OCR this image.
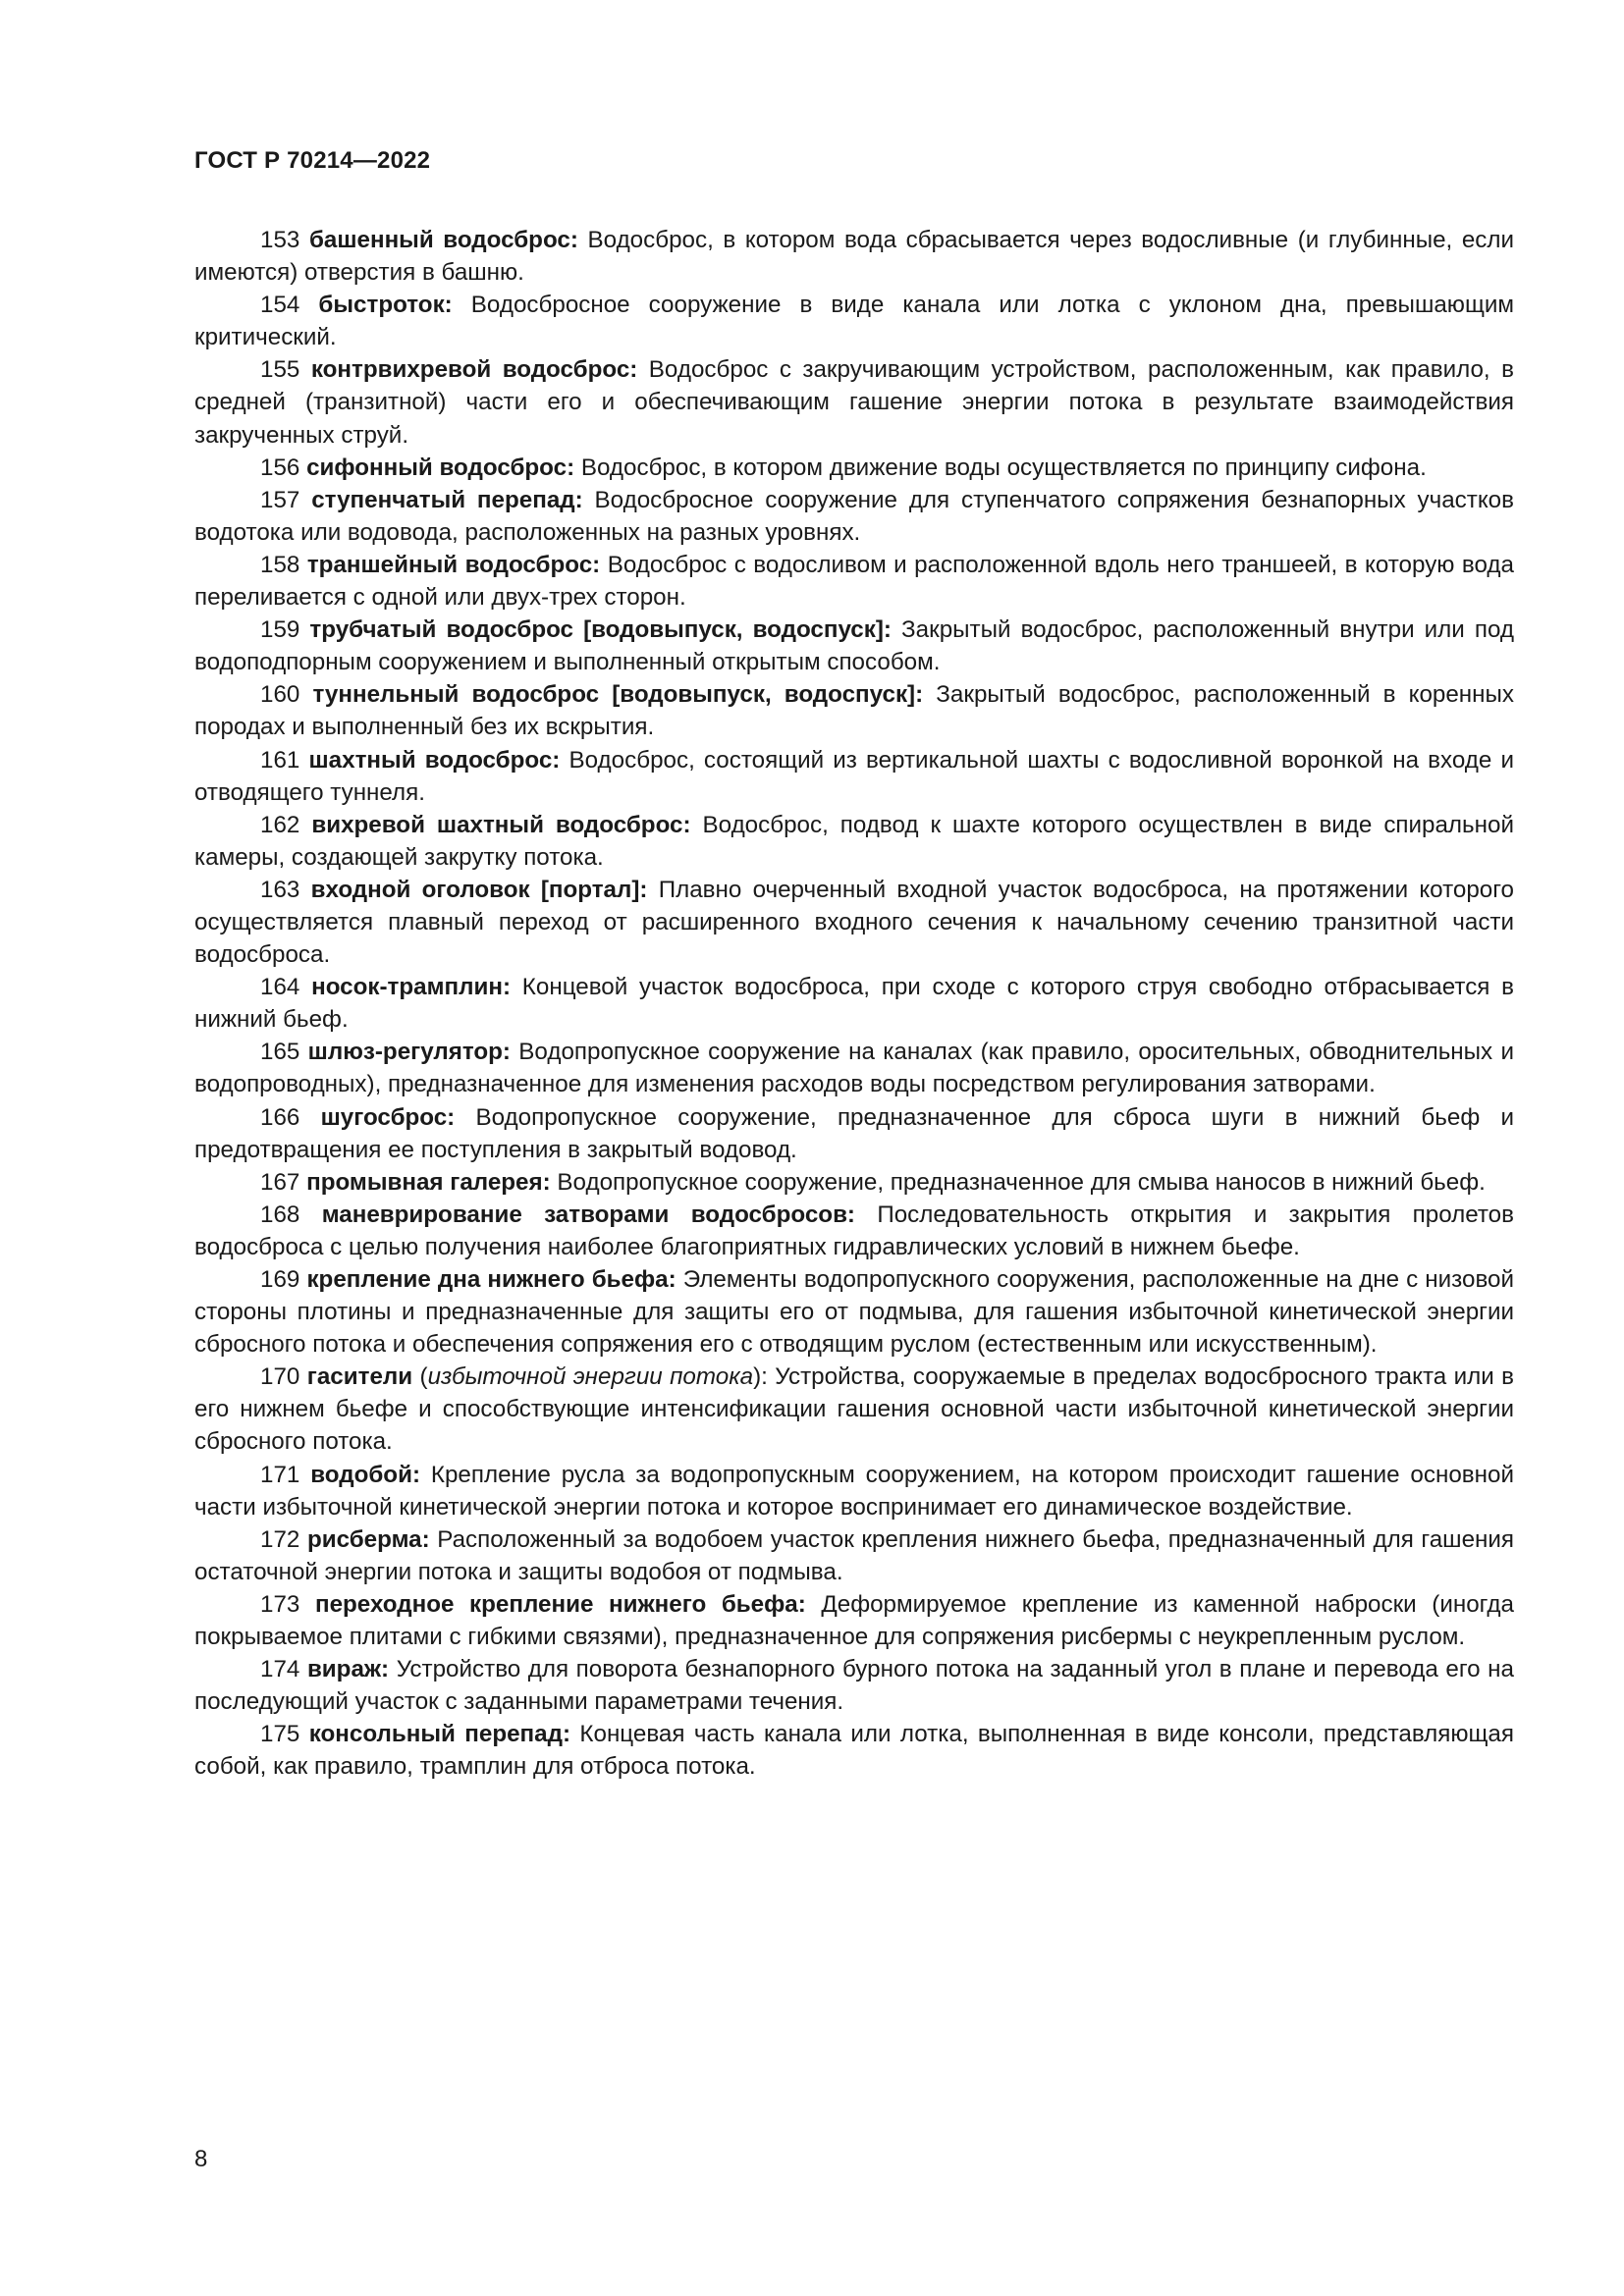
ГОСТ Р 70214—2022

153 башенный водосброс: Водосброс, в котором вода сбрасывается через водосливные (и глубинные, если имеются) отверстия в башню.

154 быстроток: Водосбросное сооружение в виде канала или лотка с уклоном дна, превышающим критический.

155 контрвихревой водосброс: Водосброс с закручивающим устройством, расположенным, как правило, в средней (транзитной) части его и обеспечивающим гашение энергии потока в результате взаимодействия закрученных струй.

156 сифонный водосброс: Водосброс, в котором движение воды осуществляется по принципу сифона.

157 ступенчатый перепад: Водосбросное сооружение для ступенчатого сопряжения безнапорных участков водотока или водовода, расположенных на разных уровнях.

158 траншейный водосброс: Водосброс с водосливом и расположенной вдоль него траншеей, в которую вода переливается с одной или двух-трех сторон.

159 трубчатый водосброс [водовыпуск, водоспуск]: Закрытый водосброс, расположенный внутри или под водоподпорным сооружением и выполненный открытым способом.

160 туннельный водосброс [водовыпуск, водоспуск]: Закрытый водосброс, расположенный в коренных породах и выполненный без их вскрытия.

161 шахтный водосброс: Водосброс, состоящий из вертикальной шахты с водосливной воронкой на входе и отводящего туннеля.

162 вихревой шахтный водосброс: Водосброс, подвод к шахте которого осуществлен в виде спиральной камеры, создающей закрутку потока.

163 входной оголовок [портал]: Плавно очерченный входной участок водосброса, на протяжении которого осуществляется плавный переход от расширенного входного сечения к начальному сечению транзитной части водосброса.

164 носок-трамплин: Концевой участок водосброса, при сходе с которого струя свободно отбрасывается в нижний бьеф.

165 шлюз-регулятор: Водопропускное сооружение на каналах (как правило, оросительных, обводнительных и водопроводных), предназначенное для изменения расходов воды посредством регулирования затворами.

166 шугосброс: Водопропускное сооружение, предназначенное для сброса шуги в нижний бьеф и предотвращения ее поступления в закрытый водовод.

167 промывная галерея: Водопропускное сооружение, предназначенное для смыва наносов в нижний бьеф.

168 маневрирование затворами водосбросов: Последовательность открытия и закрытия пролетов водосброса с целью получения наиболее благоприятных гидравлических условий в нижнем бьефе.

169 крепление дна нижнего бьефа: Элементы водопропускного сооружения, расположенные на дне с низовой стороны плотины и предназначенные для защиты его от подмыва, для гашения избыточной кинетической энергии сбросного потока и обеспечения сопряжения его с отводящим руслом (естественным или искусственным).

170 гасители (избыточной энергии потока): Устройства, сооружаемые в пределах водосбросного тракта или в его нижнем бьефе и способствующие интенсификации гашения основной части избыточной кинетической энергии сбросного потока.

171 водобой: Крепление русла за водопропускным сооружением, на котором происходит гашение основной части избыточной кинетической энергии потока и которое воспринимает его динамическое воздействие.

172 рисберма: Расположенный за водобоем участок крепления нижнего бьефа, предназначенный для гашения остаточной энергии потока и защиты водобоя от подмыва.

173 переходное крепление нижнего бьефа: Деформируемое крепление из каменной наброски (иногда покрываемое плитами с гибкими связями), предназначенное для сопряжения рисбермы с неукрепленным руслом.

174 вираж: Устройство для поворота безнапорного бурного потока на заданный угол в плане и перевода его на последующий участок с заданными параметрами течения.

175 консольный перепад: Концевая часть канала или лотка, выполненная в виде консоли, представляющая собой, как правило, трамплин для отброса потока.

8
